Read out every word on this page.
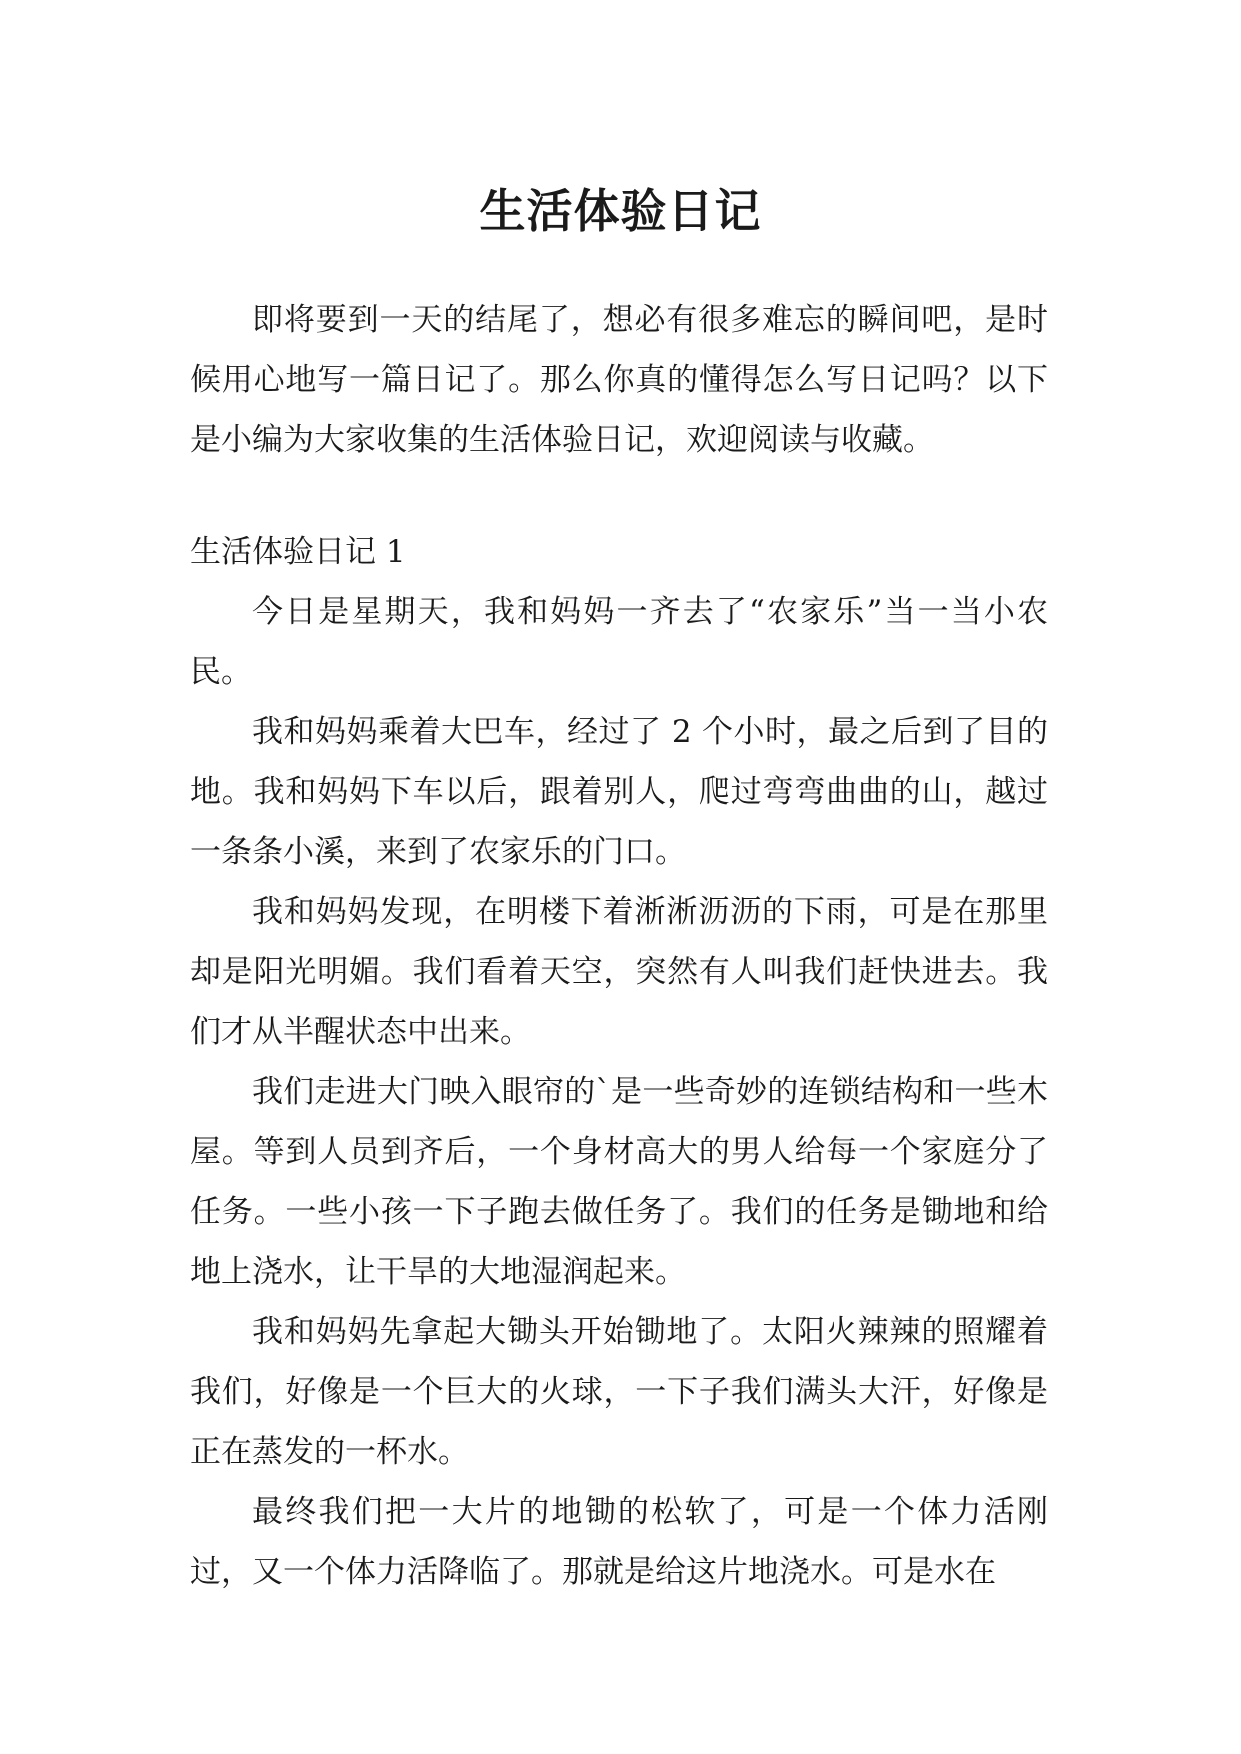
生活体验日记

即将要到一天的结尾了，想必有很多难忘的瞬间吧，是时候用心地写一篇日记了。那么你真的懂得怎么写日记吗？以下是小编为大家收集的生活体验日记，欢迎阅读与收藏。

生活体验日记 1

今日是星期天，我和妈妈一齐去了“农家乐”当一当小农民。

我和妈妈乘着大巴车，经过了 2 个小时，最之后到了目的地。我和妈妈下车以后，跟着别人，爬过弯弯曲曲的山，越过一条条小溪，来到了农家乐的门口。

我和妈妈发现，在明楼下着淅淅沥沥的下雨，可是在那里却是阳光明媚。我们看着天空，突然有人叫我们赶快进去。我们才从半醒状态中出来。

我们走进大门映入眼帘的`是一些奇妙的连锁结构和一些木屋。等到人员到齐后，一个身材高大的男人给每一个家庭分了任务。一些小孩一下子跑去做任务了。我们的任务是锄地和给地上浇水，让干旱的大地湿润起来。

我和妈妈先拿起大锄头开始锄地了。太阳火辣辣的照耀着我们，好像是一个巨大的火球，一下子我们满头大汗，好像是正在蒸发的一杯水。

最终我们把一大片的地锄的松软了，可是一个体力活刚过，又一个体力活降临了。那就是给这片地浇水。可是水在
